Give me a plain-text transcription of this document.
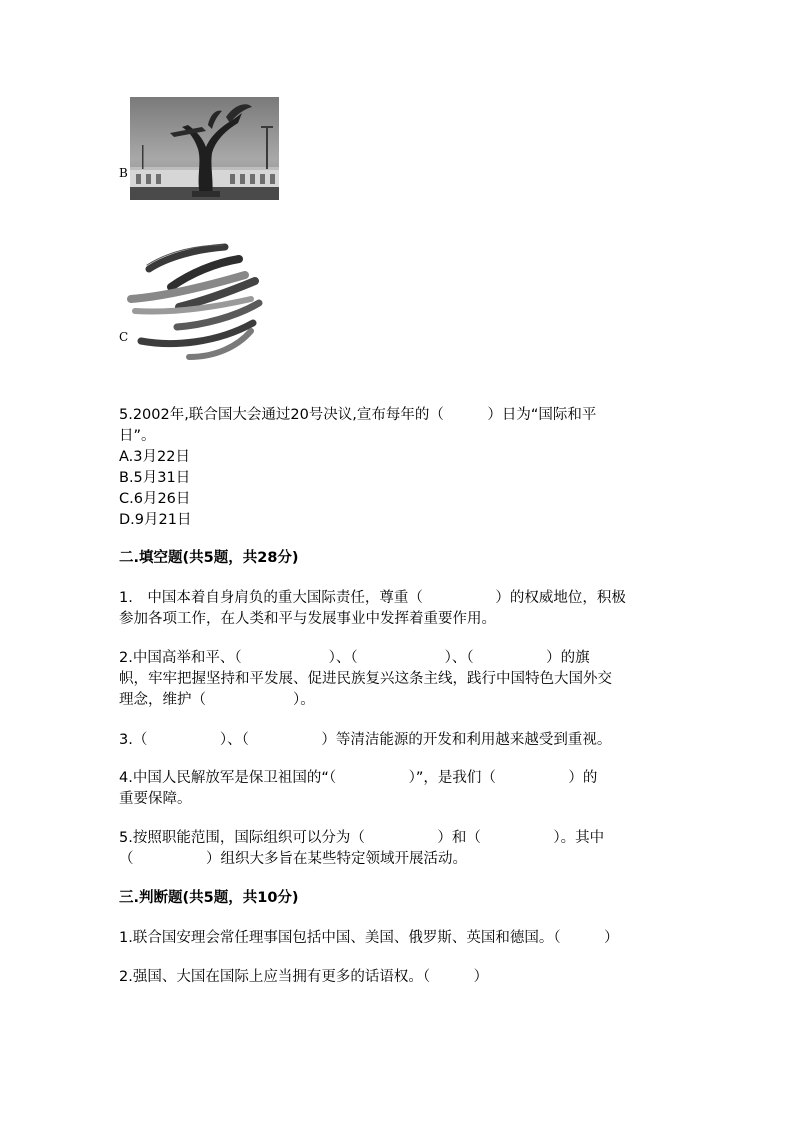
B
C
5.2002年,联合国大会通过20号决议,宣布每年的（　　　）日为“国际和平
日”。
A.3月22日
B.5月31日
C.6月26日
D.9月21日
二.填空题(共5题，共28分)
1.　中国本着自身肩负的重大国际责任，尊重（　　　　　）的权威地位，积极
参加各项工作，在人类和平与发展事业中发挥着重要作用。
2.中国高举和平、（　　　　　　）、（　　　　　　）、（　　　　　）的旗
帜，牢牢把握坚持和平发展、促进民族复兴这条主线，践行中国特色大国外交
理念，维护（　　　　　　）。
3.（　　　　　）、（　　　　　）等清洁能源的开发和利用越来越受到重视。
4.中国人民解放军是保卫祖国的“（　　　　　）”，是我们（　　　　　）的
重要保障。
5.按照职能范围，国际组织可以分为（　　　　　）和（　　　　　）。其中
（　　　　　）组织大多旨在某些特定领域开展活动。
三.判断题(共5题，共10分)
1.联合国安理会常任理事国包括中国、美国、俄罗斯、英国和德国。（　　　）
2.强国、大国在国际上应当拥有更多的话语权。（　　　）
